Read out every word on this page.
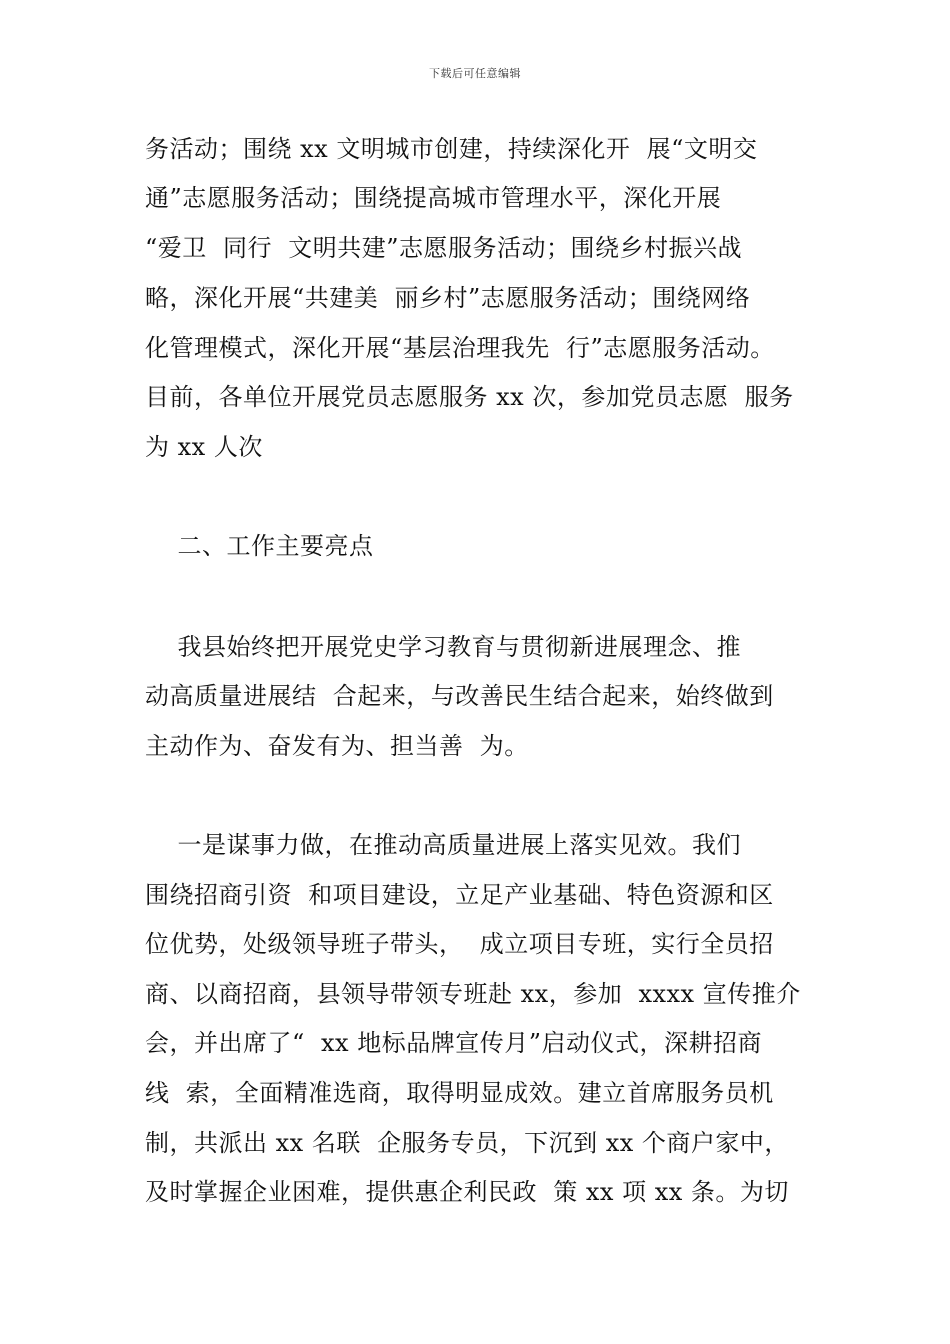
下载后可任意编辑
务活动；围绕 xx 文明城市创建，持续深化开  展“文明交
通”志愿服务活动；围绕提高城市管理水平，深化开展
“爱卫  同行  文明共建”志愿服务活动；围绕乡村振兴战
略，深化开展“共建美  丽乡村”志愿服务活动；围绕网络
化管理模式，深化开展“基层治理我先  行”志愿服务活动。
目前，各单位开展党员志愿服务 xx 次，参加党员志愿  服务
为 xx 人次
二、工作主要亮点
我县始终把开展党史学习教育与贯彻新进展理念、推
动高质量进展结  合起来，与改善民生结合起来，始终做到
主动作为、奋发有为、担当善  为。
一是谋事力做，在推动高质量进展上落实见效。我们
围绕招商引资  和项目建设，立足产业基础、特色资源和区
位优势，处级领导班子带头，  成立项目专班，实行全员招
商、以商招商，县领导带领专班赴 xx，参加  xxxx 宣传推介
会，并出席了“  xx 地标品牌宣传月”启动仪式，深耕招商
线  索，全面精准选商，取得明显成效。建立首席服务员机
制，共派出 xx 名联  企服务专员，下沉到 xx 个商户家中，
及时掌握企业困难，提供惠企利民政  策 xx 项 xx 条。为切
